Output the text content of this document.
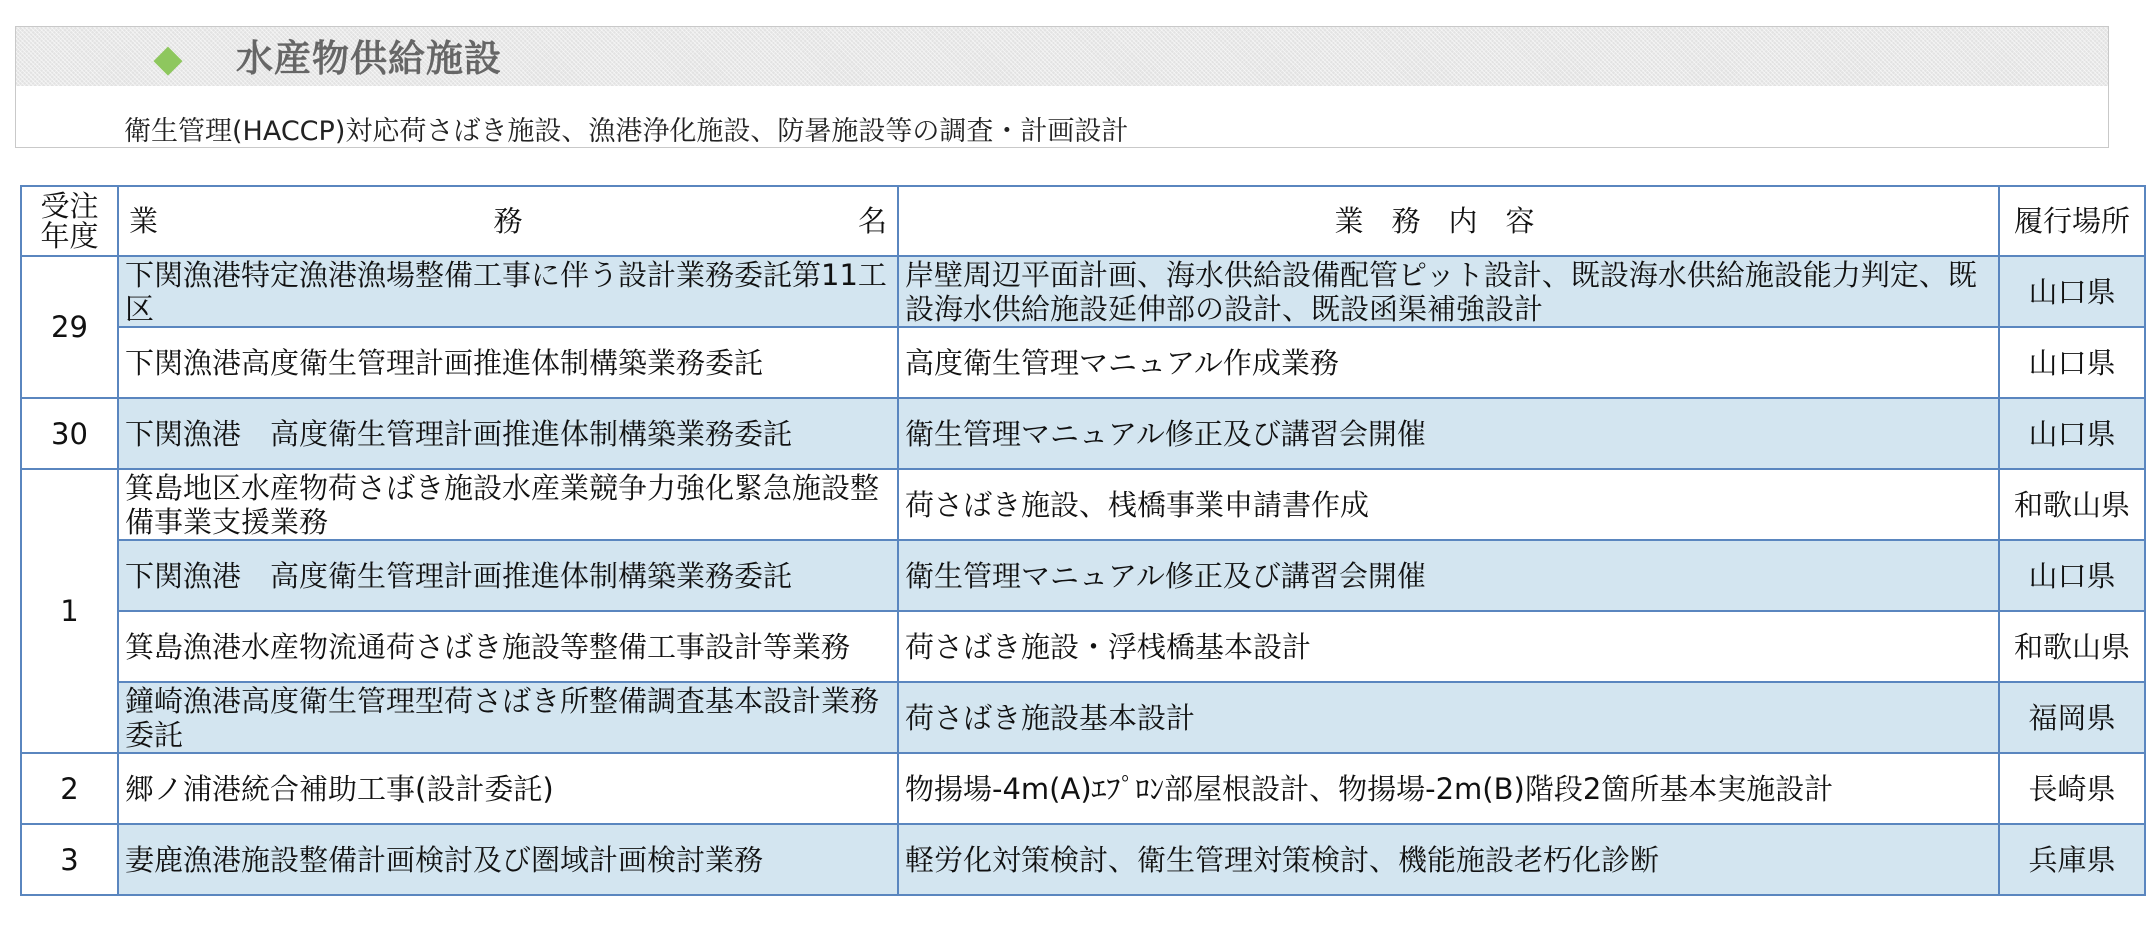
◆ 水産物供給施設
衛生管理(HACCP)対応荷さばき施設、漁港浄化施設、防暑施設等の調査・計画設計
受注
年度	業　　務　　名	業務内容	履行場所
29	下関漁港特定漁港漁場整備工事に伴う設計業務委託第11工区	岸壁周辺平面計画、海水供給設備配管ピット設計、既設海水供給施設能力判定、既設海水供給施設延伸部の設計、既設函渠補強設計	山口県
	下関漁港高度衛生管理計画推進体制構築業務委託	高度衛生管理マニュアル作成業務	山口県
30	下関漁港　高度衛生管理計画推進体制構築業務委託	衛生管理マニュアル修正及び講習会開催	山口県
1	箕島地区水産物荷さばき施設水産業競争力強化緊急施設整備事業支援業務	荷さばき施設、桟橋事業申請書作成	和歌山県
	下関漁港　高度衛生管理計画推進体制構築業務委託	衛生管理マニュアル修正及び講習会開催	山口県
	箕島漁港水産物流通荷さばき施設等整備工事設計等業務	荷さばき施設・浮桟橋基本設計	和歌山県
	鐘崎漁港高度衛生管理型荷さばき所整備調査基本設計業務委託	荷さばき施設基本設計	福岡県
2	郷ノ浦港統合補助工事(設計委託)	物揚場-4m(A)ｴﾌﾟﾛﾝ部屋根設計、物揚場-2m(B)階段2箇所基本実施設計	長崎県
3	妻鹿漁港施設整備計画検討及び圏域計画検討業務	軽労化対策検討、衛生管理対策検討、機能施設老朽化診断	兵庫県
